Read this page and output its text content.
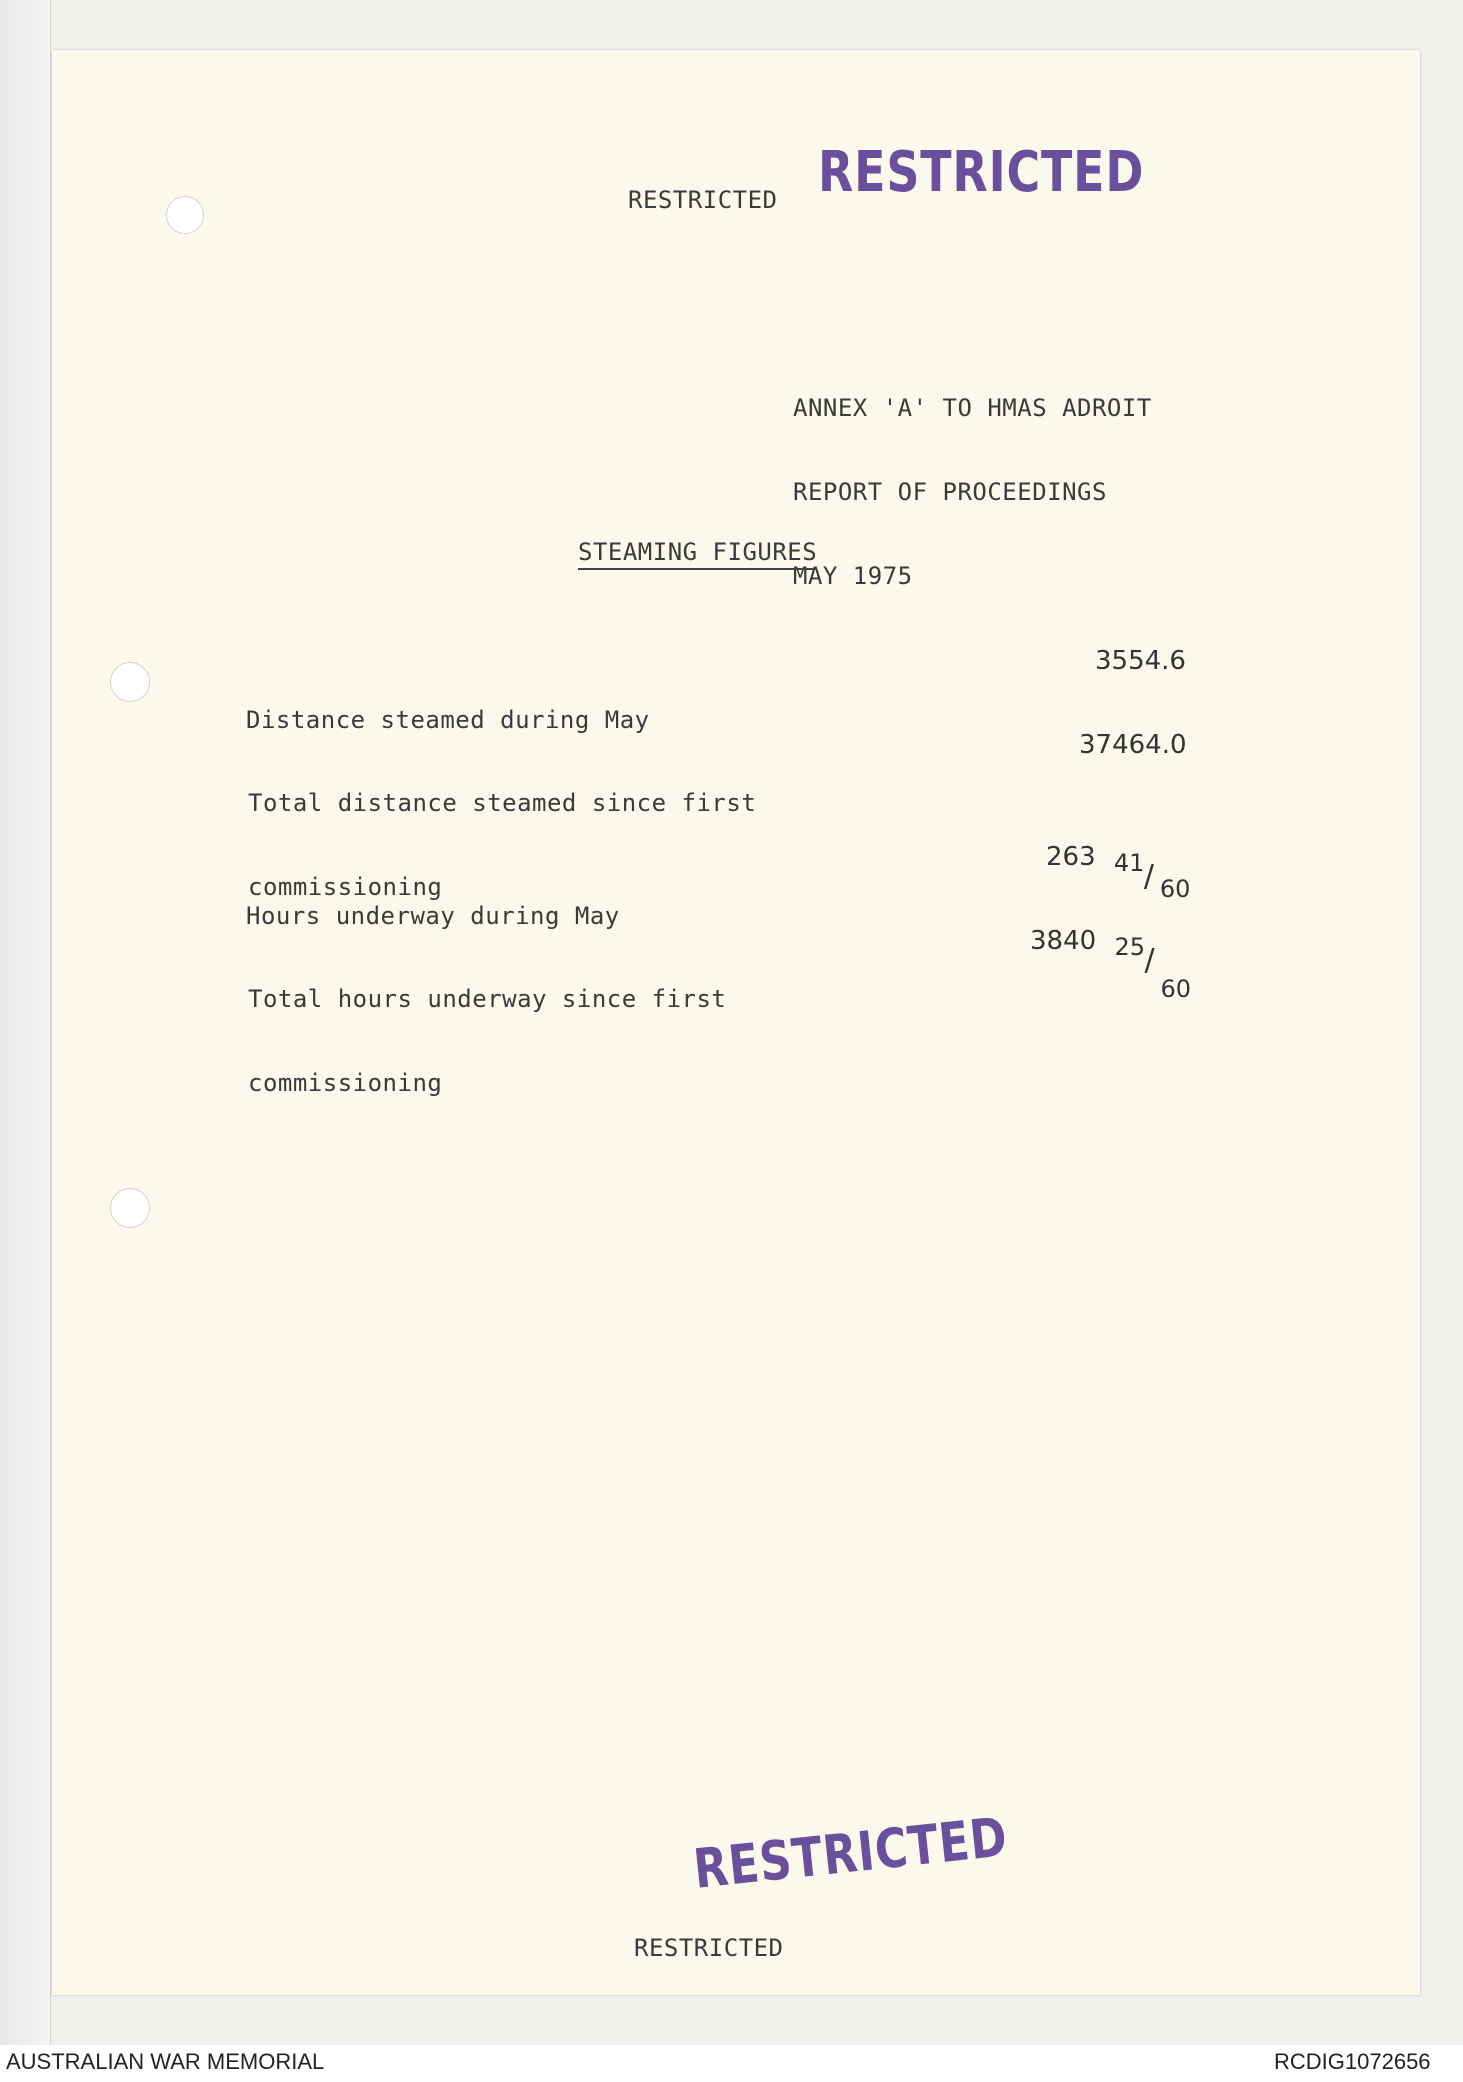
RESTRICTED RESTRICTED

ANNEX 'A' TO HMAS ADROIT

REPORT OF PROCEEDINGS

MAY 1975

STEAMING FIGURES

Distance steamed during May

3554.6

Total distance steamed since first

commissioning

37464.0

Hours underway during May

263 41 / 60

Total hours underway since first

commissioning

3840 25 /
60
RESTRICTED
RESTRICTED
AUSTRALIAN WAR MEMORIAL	RCDIG1072656
